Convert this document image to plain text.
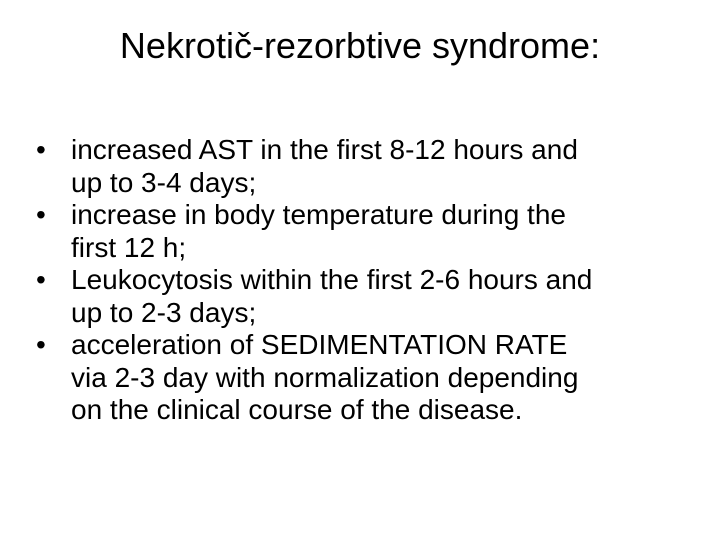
Nekrotič-rezorbtive syndrome:
• increased AST in the first 8-12 hours and
up to 3-4 days;
• increase in body temperature during the
first 12 h;
• Leukocytosis within the first 2-6 hours and
up to 2-3 days;
• acceleration of SEDIMENTATION RATE
via 2-3 day with normalization depending
on the clinical course of the disease.
